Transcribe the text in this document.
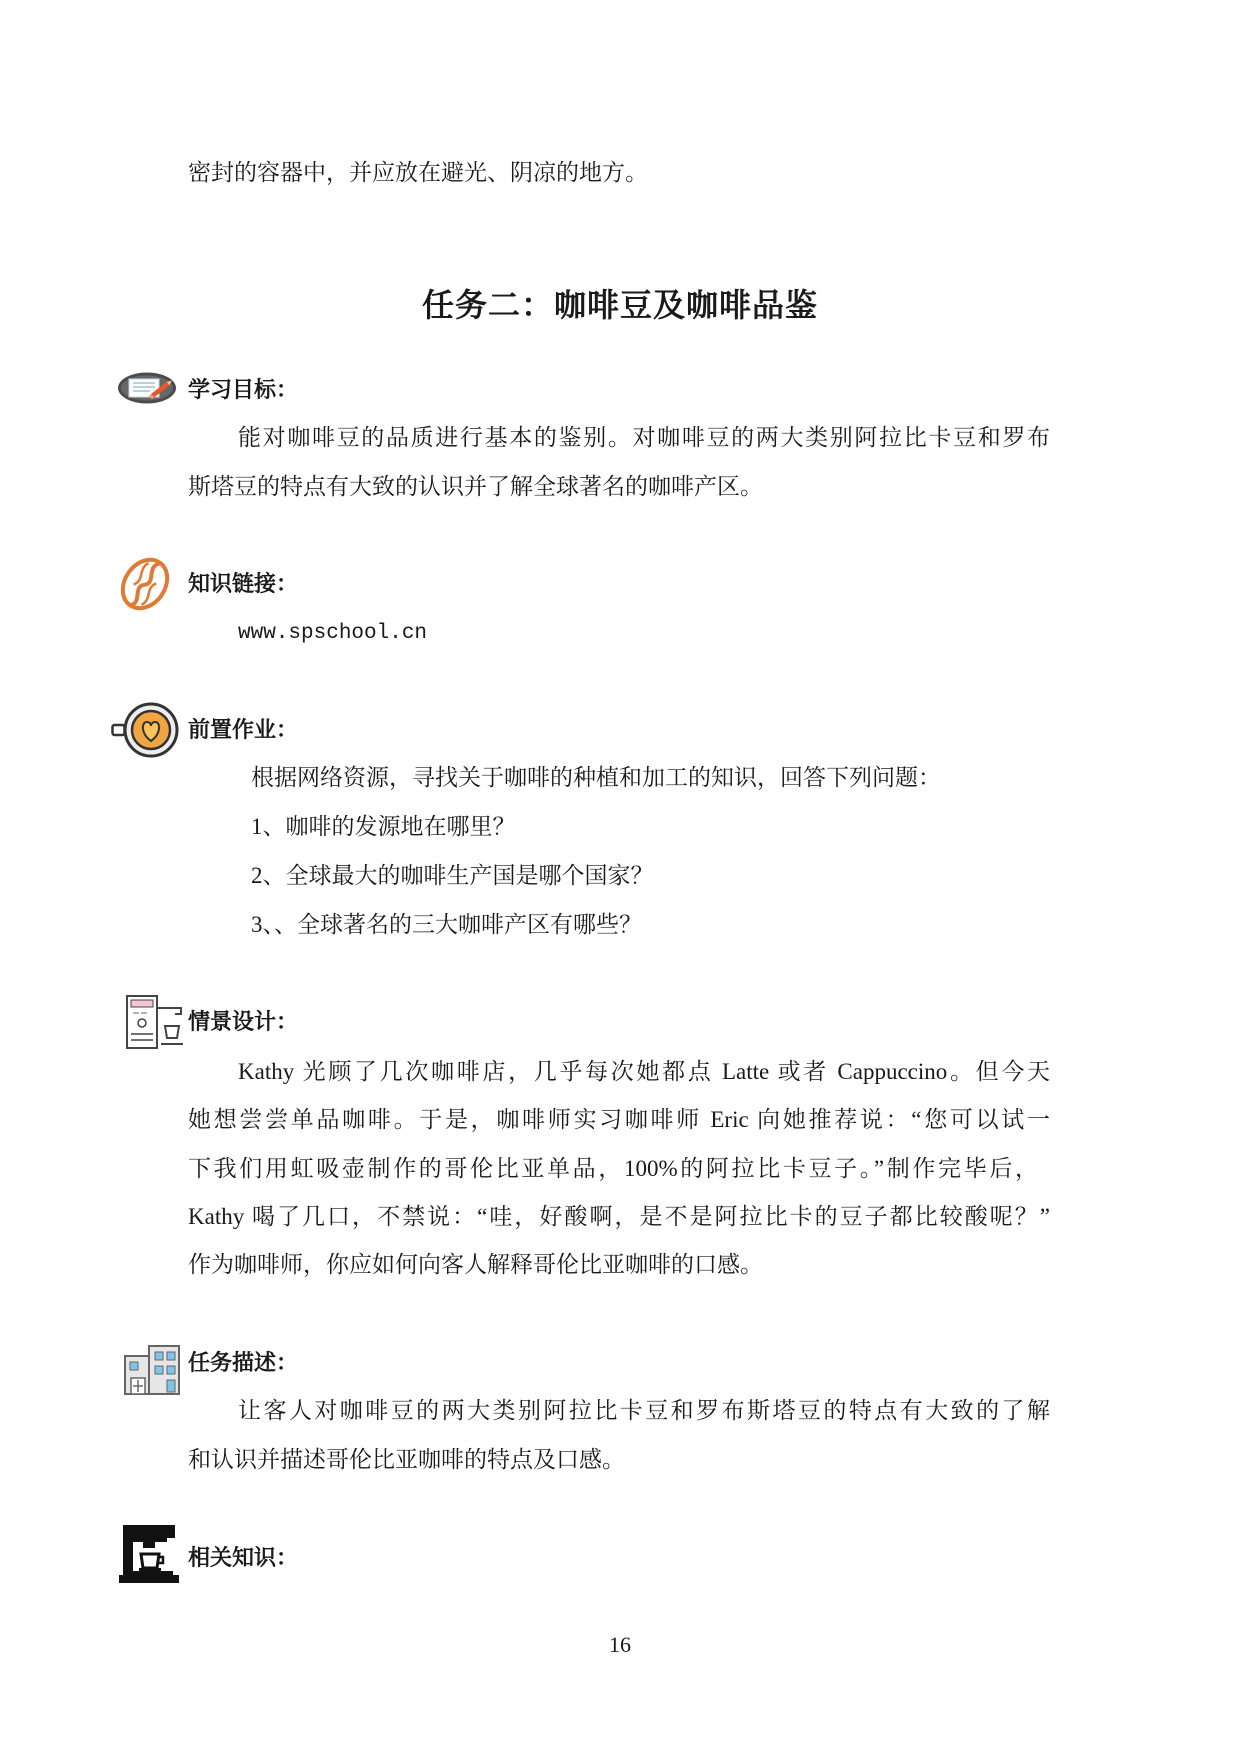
密封的容器中，并应放在避光、阴凉的地方。
任务二：咖啡豆及咖啡品鉴
学习目标：
能对咖啡豆的品质进行基本的鉴别。对咖啡豆的两大类别阿拉比卡豆和罗布
斯塔豆的特点有大致的认识并了解全球著名的咖啡产区。
知识链接：
www.spschool.cn
前置作业：
根据网络资源，寻找关于咖啡的种植和加工的知识，回答下列问题：
1、咖啡的发源地在哪里？
2、全球最大的咖啡生产国是哪个国家？
3、、全球著名的三大咖啡产区有哪些？
情景设计：
Kathy 光顾了几次咖啡店，几乎每次她都点 Latte 或者 Cappuccino。但今天
她想尝尝单品咖啡。于是，咖啡师实习咖啡师 Eric 向她推荐说：“您可以试一
下我们用虹吸壶制作的哥伦比亚单品，100%的阿拉比卡豆子。”制作完毕后，
Kathy 喝了几口，不禁说：“哇，好酸啊，是不是阿拉比卡的豆子都比较酸呢？”
作为咖啡师，你应如何向客人解释哥伦比亚咖啡的口感。
任务描述：
让客人对咖啡豆的两大类别阿拉比卡豆和罗布斯塔豆的特点有大致的了解
和认识并描述哥伦比亚咖啡的特点及口感。
相关知识：
16
